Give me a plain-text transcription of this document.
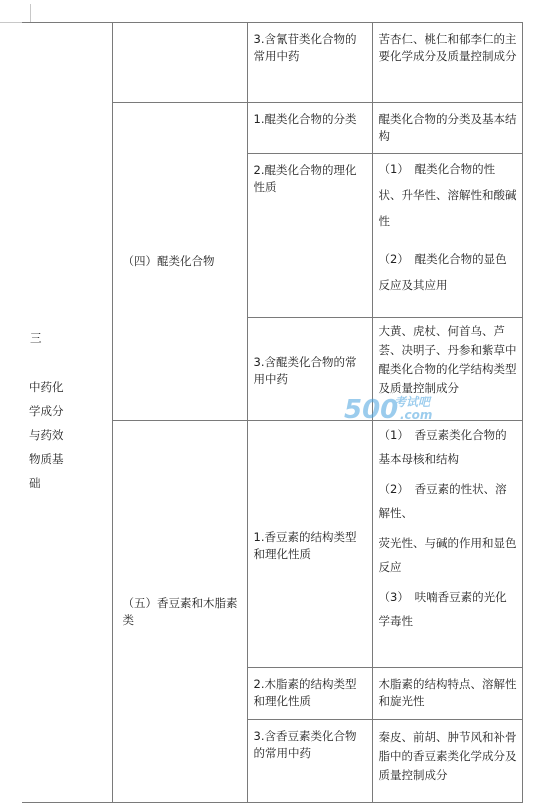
三
中药化学成分与药效物质基础		3.含氰苷类化合物的常用中药	苦杏仁、桃仁和郁李仁的主要化学成分及质量控制成分

	（四）醌类化合物	1.醌类化合物的分类	醌类化合物的分类及基本结构

		2.醌类化合物的理化性质	（1）　醌类化合物的性状、升华性、溶解性和酸碱性
（2）　醌类化合物的显色反应及其应用

		3.含醌类化合物的常用中药	大黄、虎杖、何首乌、芦荟、决明子、丹参和紫草中醌类化合物的化学结构类型及质量控制成分

	（五）香豆素和木脂素类	1.香豆素的结构类型和理化性质	（1）　香豆素类化合物的基本母核和结构
（2）　香豆素的性状、溶解性、
荧光性、与碱的作用和显色反应
（3）　呋喃香豆素的光化学毒性

		2.木脂素的结构类型和理化性质	木脂素的结构特点、溶解性和旋光性

		3.含香豆素类化合物的常用中药	秦皮、前胡、肿节风和补骨脂中的香豆素类化学成分及质量控制成分
500
考试吧
.com
